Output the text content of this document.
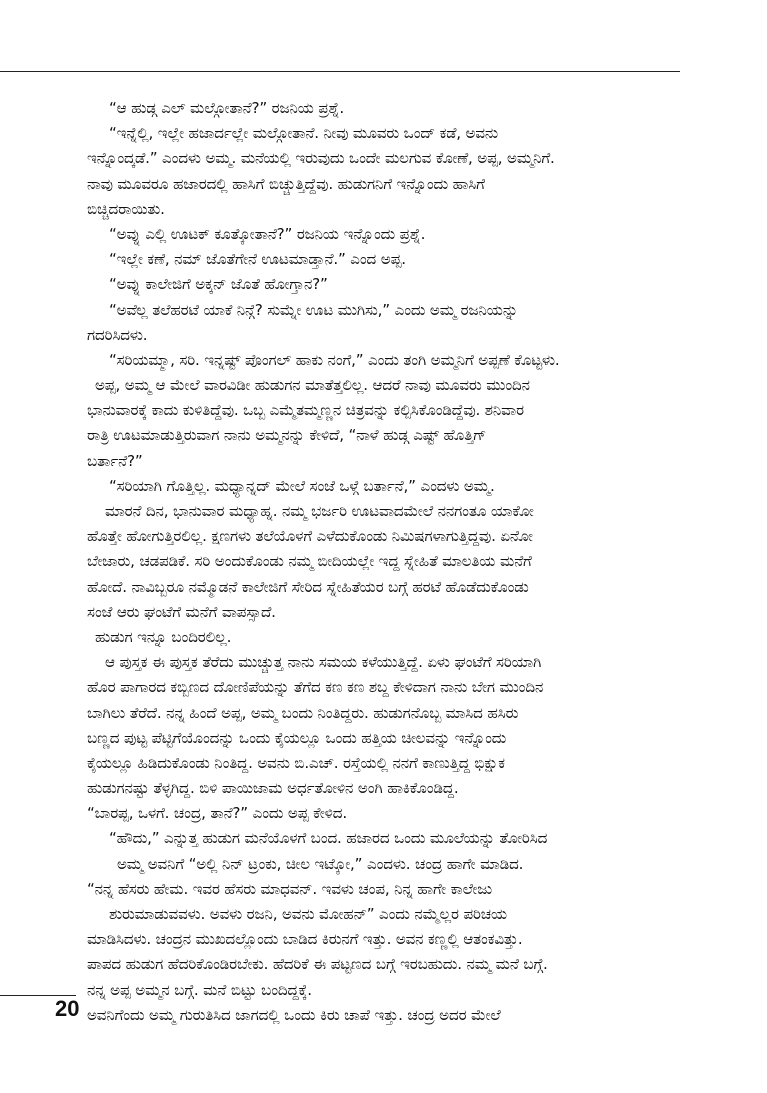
“ಆ ಹುಡ್ಗ ಎಲ್ ಮಲ್ಗೋತಾನೆ?” ರಜನಿಯ ಪ್ರಶ್ನೆ.
“ಇನ್ನೆಲ್ಲಿ, ಇಲ್ಲೇ ಹಜಾರ್ದಲ್ಲೇ ಮಲ್ಗೋತಾನೆ. ನೀವು ಮೂವರು ಒಂದ್ ಕಡೆ, ಅವನು
ಇನ್ನೊಂದ್ಕಡೆ.” ಎಂದಳು ಅಮ್ಮ. ಮನೆಯಲ್ಲಿ ಇರುವುದು ಒಂದೇ ಮಲಗುವ ಕೋಣೆ, ಅಪ್ಪ, ಅಮ್ಮನಿಗೆ.
ನಾವು ಮೂವರೂ ಹಜಾರದಲ್ಲಿ ಹಾಸಿಗೆ ಬಿಚ್ಚುತ್ತಿದ್ದೆವು. ಹುಡುಗನಿಗೆ ಇನ್ನೊಂದು ಹಾಸಿಗೆ
ಬಿಚ್ಚಿದರಾಯಿತು.
“ಅವ್ನು ಎಲ್ಲಿ ಊಟಕ್ ಕೂತ್ಕೋತಾನೆ?” ರಜನಿಯ ಇನ್ನೊಂದು ಪ್ರಶ್ನೆ.
“ಇಲ್ಲೇ ಕಣೆ, ನಮ್ ಜೊತೆಗೇನೆ ಊಟಮಾಡ್ತಾನೆ.” ಎಂದ ಅಪ್ಪ.
“ಅವ್ನು ಕಾಲೇಜಿಗೆ ಅಕ್ಕನ್ ಜೊತೆ ಹೋಗ್ತಾನ?”
“ಅವೆಲ್ಲ ತಲೆಹರಟೆ ಯಾಕೆ ನಿನ್ಗೆ? ಸುಮ್ನೇ ಊಟ ಮುಗಿಸು,” ಎಂದು ಅಮ್ಮ ರಜನಿಯನ್ನು
ಗದರಿಸಿದಳು.
“ಸರಿಯಮ್ಮಾ, ಸರಿ. ಇನ್ನಷ್ಟ್ ಪೊಂಗಲ್ ಹಾಕು ನಂಗೆ,” ಎಂದು ತಂಗಿ ಅಮ್ಮನಿಗೆ ಅಪ್ಪಣೆ ಕೊಟ್ಟಳು.
ಅಪ್ಪ, ಅಮ್ಮ ಆ ಮೇಲೆ ವಾರವಿಡೀ ಹುಡುಗನ ಮಾತೆತ್ತಲಿಲ್ಲ. ಆದರೆ ನಾವು ಮೂವರು ಮುಂದಿನ
ಭಾನುವಾರಕ್ಕೆ ಕಾದು ಕುಳಿತಿದ್ದೆವು. ಒಬ್ಬ ಎಮ್ಮೆತಮ್ಮಣ್ಣನ ಚಿತ್ರವನ್ನು ಕಲ್ಪಿಸಿಕೊಂಡಿದ್ದೆವು. ಶನಿವಾರ
ರಾತ್ರಿ ಊಟಮಾಡುತ್ತಿರುವಾಗ ನಾನು ಅಮ್ಮನನ್ನು ಕೇಳಿದೆ, “ನಾಳೆ ಹುಡ್ಗ ಎಷ್ಟ್ ಹೊತ್ತಿಗ್
ಬರ್ತಾನೆ?”
“ಸರಿಯಾಗಿ ಗೊತ್ತಿಲ್ಲ. ಮಧ್ಯಾನ್ನದ್ ಮೇಲೆ ಸಂಜೆ ಒಳ್ಗೆ ಬರ್ತಾನೆ,” ಎಂದಳು ಅಮ್ಮ.
ಮಾರನೆ ದಿನ, ಭಾನುವಾರ ಮಧ್ಯಾಹ್ನ. ನಮ್ಮ ಭರ್ಜರಿ ಊಟವಾದಮೇಲೆ ನನಗಂತೂ ಯಾಕೋ
ಹೊತ್ತೇ ಹೋಗುತ್ತಿರಲಿಲ್ಲ. ಕ್ಷಣಗಳು ತಲೆಯೊಳಗೆ ಎಳೆದುಕೊಂಡು ನಿಮಿಷಗಳಾಗುತ್ತಿದ್ದವು. ಏನೋ
ಬೇಜಾರು, ಚಡಪಡಿಕೆ. ಸರಿ ಅಂದುಕೊಂಡು ನಮ್ಮ ಬೀದಿಯಲ್ಲೇ ಇದ್ದ ಸ್ನೇಹಿತೆ ಮಾಲತಿಯ ಮನೆಗೆ
ಹೋದೆ. ನಾವಿಬ್ಬರೂ ನಮ್ಮೊಡನೆ ಕಾಲೇಜಿಗೆ ಸೇರಿದ ಸ್ನೇಹಿತೆಯರ ಬಗ್ಗೆ ಹರಟೆ ಹೊಡೆದುಕೊಂಡು
ಸಂಜೆ ಆರು ಘಂಟೆಗೆ ಮನೆಗೆ ವಾಪಸ್ಸಾದೆ.
ಹುಡುಗ ಇನ್ನೂ ಬಂದಿರಲಿಲ್ಲ.
ಆ ಪುಸ್ತಕ ಈ ಪುಸ್ತಕ ತೆರೆದು ಮುಚ್ಚುತ್ತ ನಾನು ಸಮಯ ಕಳೆಯುತ್ತಿದ್ದೆ. ಏಳು ಘಂಟೆಗೆ ಸರಿಯಾಗಿ
ಹೊರ ಪಾಗಾರದ ಕಬ್ಬಿಣದ ದೋಣಿಪೆಯನ್ನು ತೆಗೆದ ಕಣ ಕಣ ಶಬ್ದ ಕೇಳಿದಾಗ ನಾನು ಬೇಗ ಮುಂದಿನ
ಬಾಗಿಲು ತೆರೆದೆ. ನನ್ನ ಹಿಂದೆ ಅಪ್ಪ, ಅಮ್ಮ ಬಂದು ನಿಂತಿದ್ದರು. ಹುಡುಗನೊಬ್ಬ ಮಾಸಿದ ಹಸಿರು
ಬಣ್ಣದ ಪುಟ್ಟ ಪೆಟ್ಟಿಗೆಯೊಂದನ್ನು ಒಂದು ಕೈಯಲ್ಲೂ ಒಂದು ಹತ್ತಿಯ ಚೀಲವನ್ನು ಇನ್ನೊಂದು
ಕೈಯಲ್ಲೂ ಹಿಡಿದುಕೊಂಡು ನಿಂತಿದ್ದ. ಅವನು ಬಿ.ಎಚ್. ರಸ್ತೆಯಲ್ಲಿ ನನಗೆ ಕಾಣುತ್ತಿದ್ದ ಭಿಕ್ಷುಕ
ಹುಡುಗನಷ್ಟು ತೆಳ್ಳಗಿದ್ದ. ಬಿಳಿ ಪಾಯಿಜಾಮ ಅರ್ಧತೋಳಿನ ಅಂಗಿ ಹಾಕಿಕೊಂಡಿದ್ದ.
“ಬಾರಪ್ಪ, ಒಳಗೆ. ಚಂದ್ರ, ತಾನೆ?” ಎಂದು ಅಪ್ಪ ಕೇಳಿದ.
“ಹೌದು,” ಎನ್ನುತ್ತ ಹುಡುಗ ಮನೆಯೊಳಗೆ ಬಂದ. ಹಜಾರದ ಒಂದು ಮೂಲೆಯನ್ನು ತೋರಿಸಿದ
ಅಮ್ಮ ಅವನಿಗೆ “ಅಲ್ಲಿ ನಿನ್ ಟ್ರಂಕು, ಚೀಲ ಇಟ್ಕೋ,” ಎಂದಳು. ಚಂದ್ರ ಹಾಗೇ ಮಾಡಿದ.
“ನನ್ನ ಹೆಸರು ಹೇಮ. ಇವರ ಹೆಸರು ಮಾಧವನ್. ಇವಳು ಚಂಪ, ನಿನ್ನ ಹಾಗೇ ಕಾಲೇಜು
ಶುರುಮಾಡುವವಳು. ಅವಳು ರಜನಿ, ಅವನು ಮೋಹನ್” ಎಂದು ನಮ್ಮೆಲ್ಲರ ಪರಿಚಯ
ಮಾಡಿಸಿದಳು. ಚಂದ್ರನ ಮುಖದಲ್ಲೊಂದು ಬಾಡಿದ ಕಿರುನಗೆ ಇತ್ತು. ಅವನ ಕಣ್ಣಲ್ಲಿ ಆತಂಕವಿತ್ತು.
ಪಾಪದ ಹುಡುಗ ಹೆದರಿಕೊಂಡಿರಬೇಕು. ಹೆದರಿಕೆ ಈ ಪಟ್ಟಣದ ಬಗ್ಗೆ ಇರಬಹುದು. ನಮ್ಮ ಮನೆ ಬಗ್ಗೆ.
ನನ್ನ ಅಪ್ಪ ಅಮ್ಮನ ಬಗ್ಗೆ. ಮನೆ ಬಿಟ್ಟು ಬಂದಿದ್ದಕ್ಕೆ.
ಅವನಿಗೆಂದು ಅಮ್ಮ ಗುರುತಿಸಿದ ಜಾಗದಲ್ಲಿ ಒಂದು ಕಿರು ಚಾಪೆ ಇತ್ತು. ಚಂದ್ರ ಅದರ ಮೇಲೆ
20
